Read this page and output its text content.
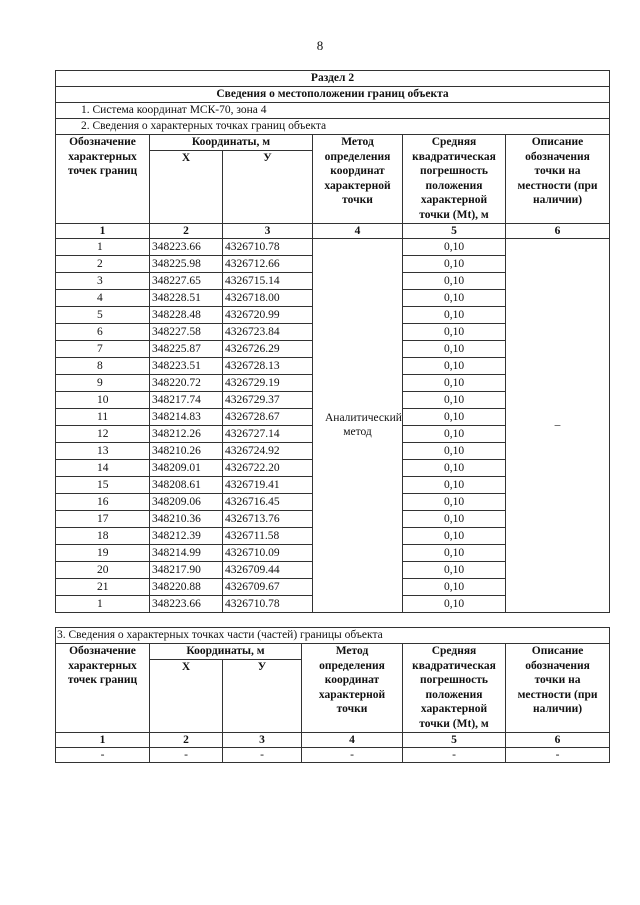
8
Раздел 2					
Сведения о местоположении границ объекта					
1. Система координат МСК-70, зона 4					
2. Сведения о характерных точках границ объекта					
Обозначение характерных точек границ	Координаты, м		Метод определения координат характерной точки	Средняя квадратическая погрешность положения характерной точки (Mt), м	Описание обозначения точки на местности (при наличии)
	X	У			
1	2	3	4	5	6
1	348223.66	4326710.78	Аналитический метод	0,10	–
2	348225.98	4326712.66		0,10	
3	348227.65	4326715.14		0,10	
4	348228.51	4326718.00		0,10	
5	348228.48	4326720.99		0,10	
6	348227.58	4326723.84		0,10	
7	348225.87	4326726.29		0,10	
8	348223.51	4326728.13		0,10	
9	348220.72	4326729.19		0,10	
10	348217.74	4326729.37		0,10	
11	348214.83	4326728.67		0,10	
12	348212.26	4326727.14		0,10	
13	348210.26	4326724.92		0,10	
14	348209.01	4326722.20		0,10	
15	348208.61	4326719.41		0,10	
16	348209.06	4326716.45		0,10	
17	348210.36	4326713.76		0,10	
18	348212.39	4326711.58		0,10	
19	348214.99	4326710.09		0,10	
20	348217.90	4326709.44		0,10	
21	348220.88	4326709.67		0,10	
1	348223.66	4326710.78		0,10	
3. Сведения о характерных точках части (частей) границы объекта					
Обозначение характерных точек границ	Координаты, м		Метод определения координат характерной точки	Средняя квадратическая погрешность положения характерной точки (Mt), м	Описание обозначения точки на местности (при наличии)
	X	У			
1	2	3	4	5	6
-	-	-	-	-	-
